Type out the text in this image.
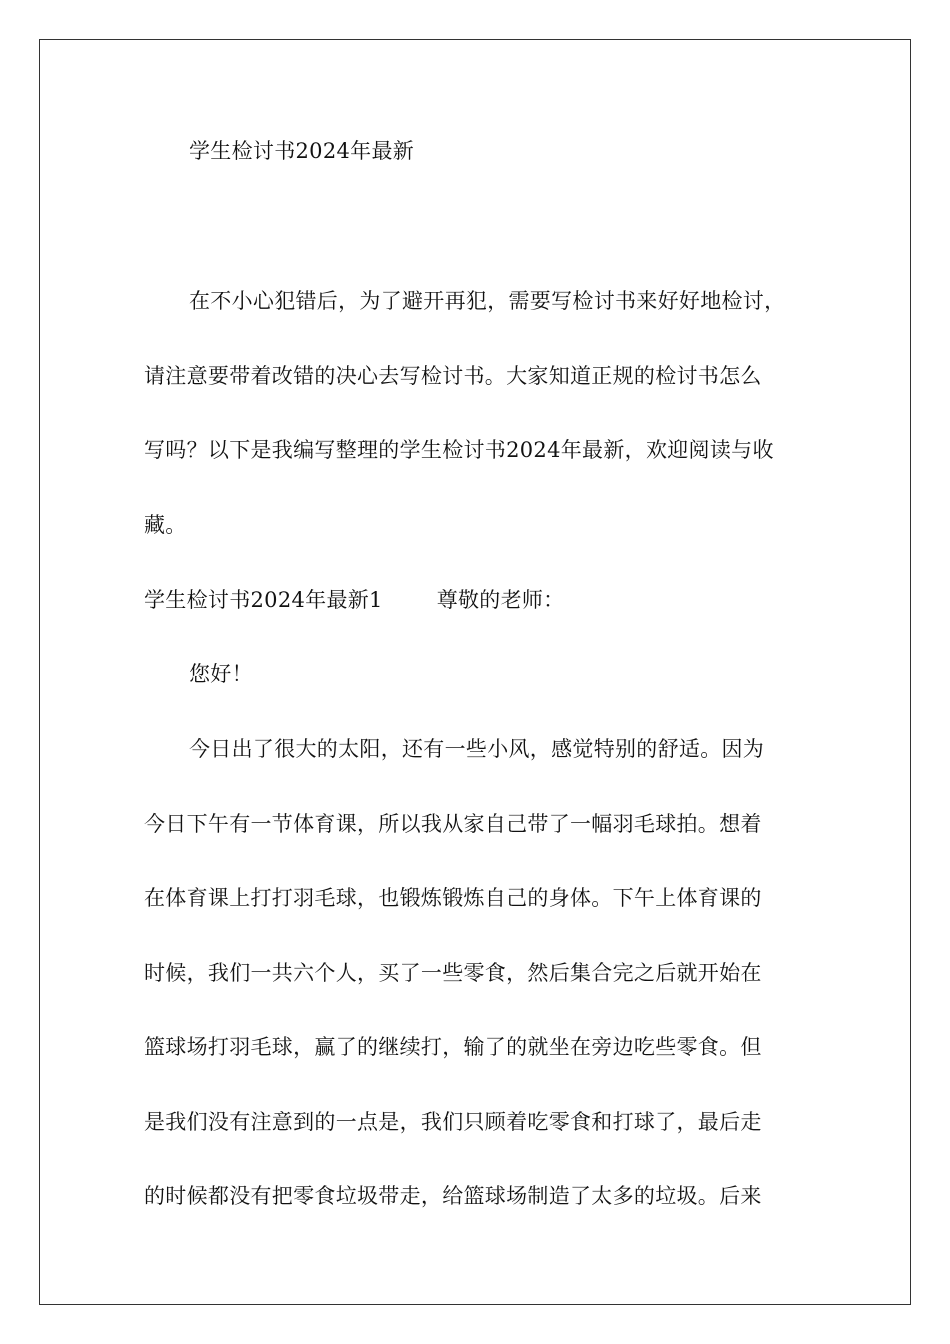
学生检讨书2024年最新
在不小心犯错后，为了避开再犯，需要写检讨书来好好地检讨，
请注意要带着改错的决心去写检讨书。大家知道正规的检讨书怎么
写吗？以下是我编写整理的学生检讨书2024年最新，欢迎阅读与收
藏。
学生检讨书2024年最新1	尊敬的老师：
您好！
今日出了很大的太阳，还有一些小风，感觉特别的舒适。因为
今日下午有一节体育课，所以我从家自己带了一幅羽毛球拍。想着
在体育课上打打羽毛球，也锻炼锻炼自己的身体。下午上体育课的
时候，我们一共六个人，买了一些零食，然后集合完之后就开始在
篮球场打羽毛球，赢了的继续打，输了的就坐在旁边吃些零食。但
是我们没有注意到的一点是，我们只顾着吃零食和打球了，最后走
的时候都没有把零食垃圾带走，给篮球场制造了太多的垃圾。后来
